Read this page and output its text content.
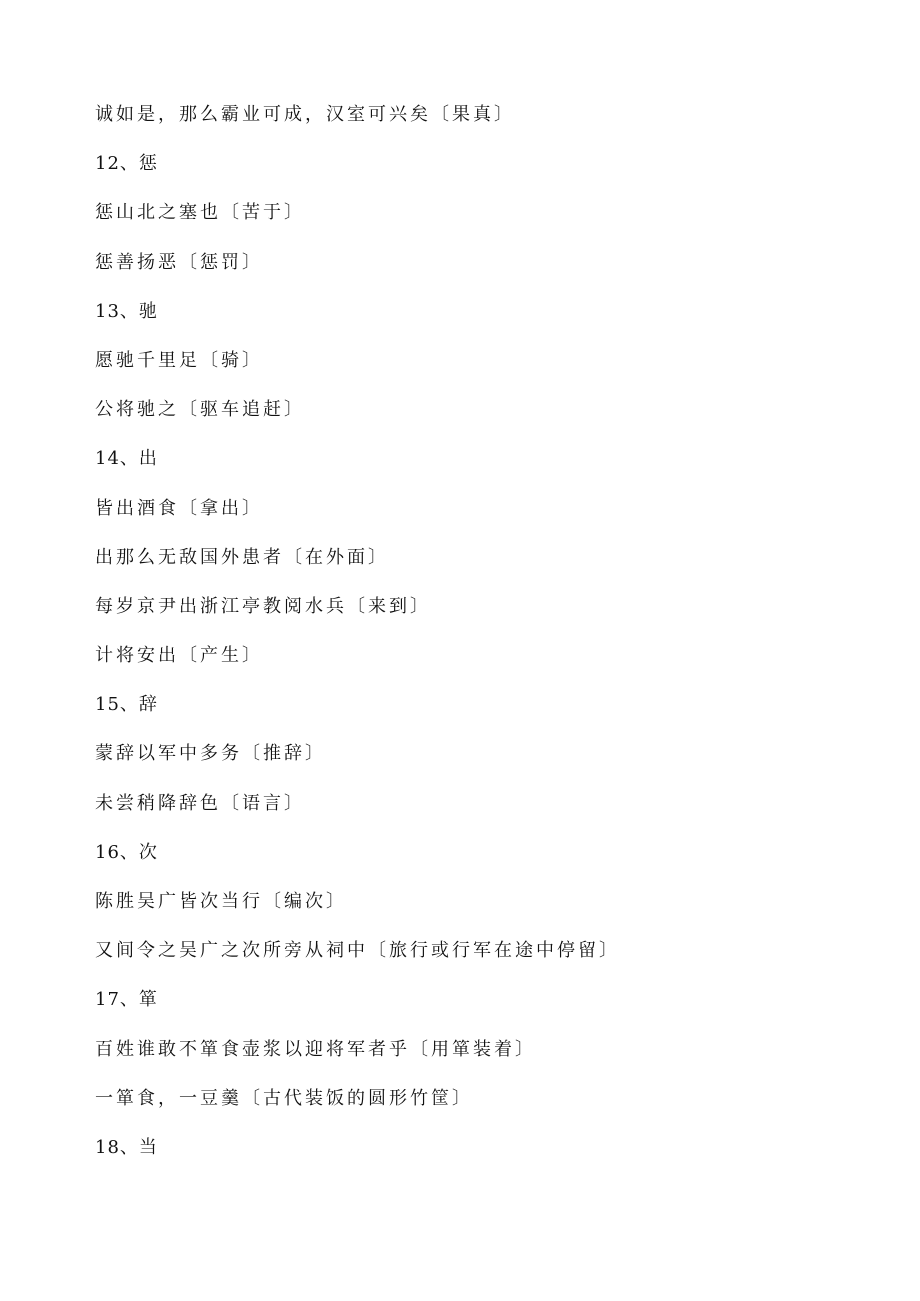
诚如是，那么霸业可成，汉室可兴矣〔果真〕
12、惩
惩山北之塞也〔苦于〕
惩善扬恶〔惩罚〕
13、驰
愿驰千里足〔骑〕
公将驰之〔驱车追赶〕
14、出
皆出酒食〔拿出〕
出那么无敌国外患者〔在外面〕
每岁京尹出浙江亭教阅水兵〔来到〕
计将安出〔产生〕
15、辞
蒙辞以军中多务〔推辞〕
未尝稍降辞色〔语言〕
16、次
陈胜吴广皆次当行〔编次〕
又间令之吴广之次所旁从祠中〔旅行或行军在途中停留〕
17、箪
百姓谁敢不箪食壶浆以迎将军者乎〔用箪装着〕
一箪食，一豆羹〔古代装饭的圆形竹筐〕
18、当
